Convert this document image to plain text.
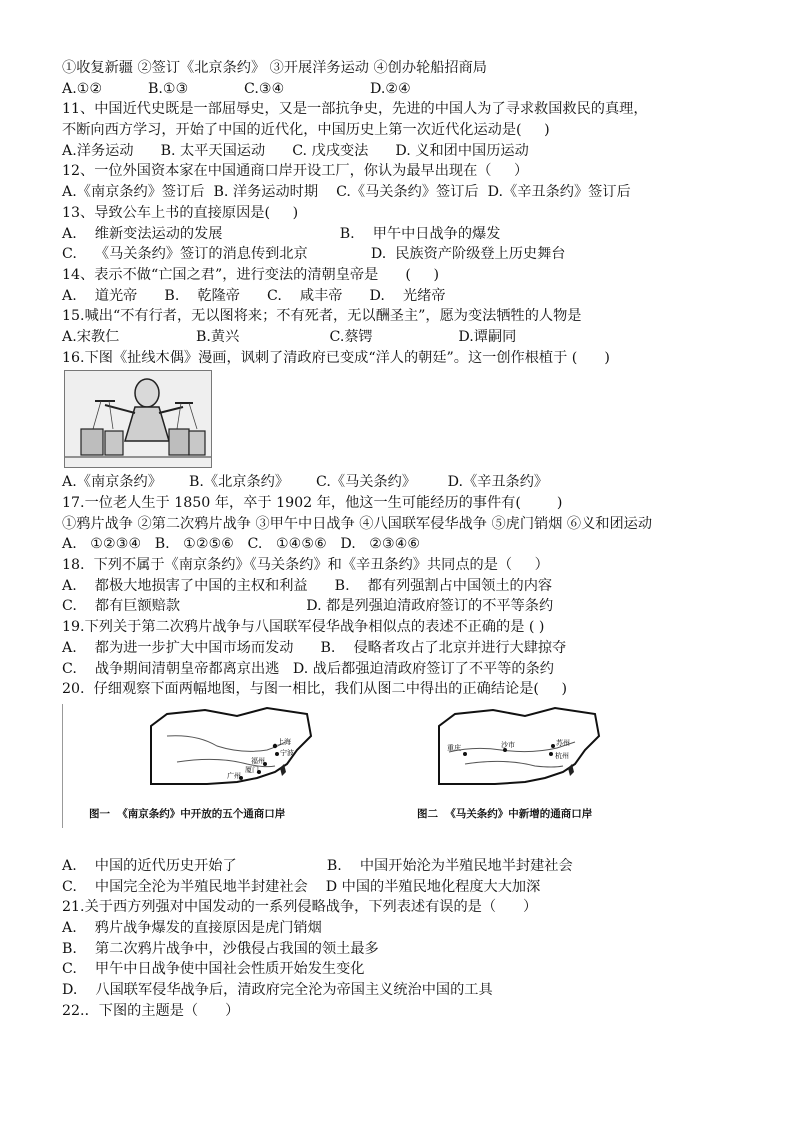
①收复新疆 ②签订《北京条约》 ③开展洋务运动 ④创办轮船招商局
A.①②	B.①③	C.③④	D.②④
11、中国近代史既是一部屈辱史，又是一部抗争史，先进的中国人为了寻求救国救民的真理，
不断向西方学习，开始了中国的近代化，中国历史上第一次近代化运动是(     )
A.洋务运动      B. 太平天国运动      C. 戊戌变法      D. 义和团中国历运动
12、一位外国资本家在中国通商口岸开设工厂，你认为最早出现在（     ）
A.《南京条约》签订后  B. 洋务运动时期    C.《马关条约》签订后  D.《辛丑条约》签订后
13、导致公车上书的直接原因是(     )
A.    维新变法运动的发展                          B.    甲午中日战争的爆发
C.    《马关条约》签订的消息传到北京              D.  民族资产阶级登上历史舞台
14、表示不做“亡国之君”，进行变法的清朝皇帝是      (     )
A.    道光帝      B.    乾隆帝      C.    咸丰帝      D.    光绪帝
15.喊出“不有行者，无以图将来；不有死者，无以酬圣主”，愿为变法牺牲的人物是
A.宋教仁                 B.黄兴                    C.蔡锷                   D.谭嗣同
16.下图《扯线木偶》漫画，讽刺了清政府已变成“洋人的朝廷”。这一创作根植于 (      )
A.《南京条约》      B.《北京条约》      C.《马关条约》       D.《辛丑条约》
17.一位老人生于 1850 年，卒于 1902 年，他这一生可能经历的事件有(        )
①鸦片战争 ②第二次鸦片战争 ③甲午中日战争 ④八国联军侵华战争 ⑤虎门销烟 ⑥义和团运动
A.   ①②③④   B.   ①②⑤⑥   C.   ①④⑤⑥   D.   ②③④⑥
18.  下列不属于《南京条约》《马关条约》和《辛丑条约》共同点的是（     ）
A.    都极大地损害了中国的主权和利益      B.    都有列强割占中国领土的内容
C.    都有巨额赔款                            D. 都是列强迫清政府签订的不平等条约
19.下列关于第二次鸦片战争与八国联军侵华战争相似点的表述不正确的是 ( )
A.    都为进一步扩大中国市场而发动      B.    侵略者攻占了北京并进行大肆掠夺
C.    战争期间清朝皇帝都离京出逃   D. 战后都强迫清政府签订了不平等的条约
20.  仔细观察下面两幅地图，与图一相比，我们从图二中得出的正确结论是(     )
上海
宁波
福州
厦门
广州
重庆	沙市	苏州
杭州
图一  《南京条约》中开放的五个通商口岸	图二  《马关条约》中新增的通商口岸
A.    中国的近代历史开始了                    B.    中国开始沦为半殖民地半封建社会
C.    中国完全沦为半殖民地半封建社会    D 中国的半殖民地化程度大大加深
21.关于西方列强对中国发动的一系列侵略战争，下列表述有误的是（      ）
A.    鸦片战争爆发的直接原因是虎门销烟
B.    第二次鸦片战争中，沙俄侵占我国的领土最多
C.    甲午中日战争使中国社会性质开始发生变化
D.    八国联军侵华战争后，清政府完全沦为帝国主义统治中国的工具
22.．下图的主题是（      ）
